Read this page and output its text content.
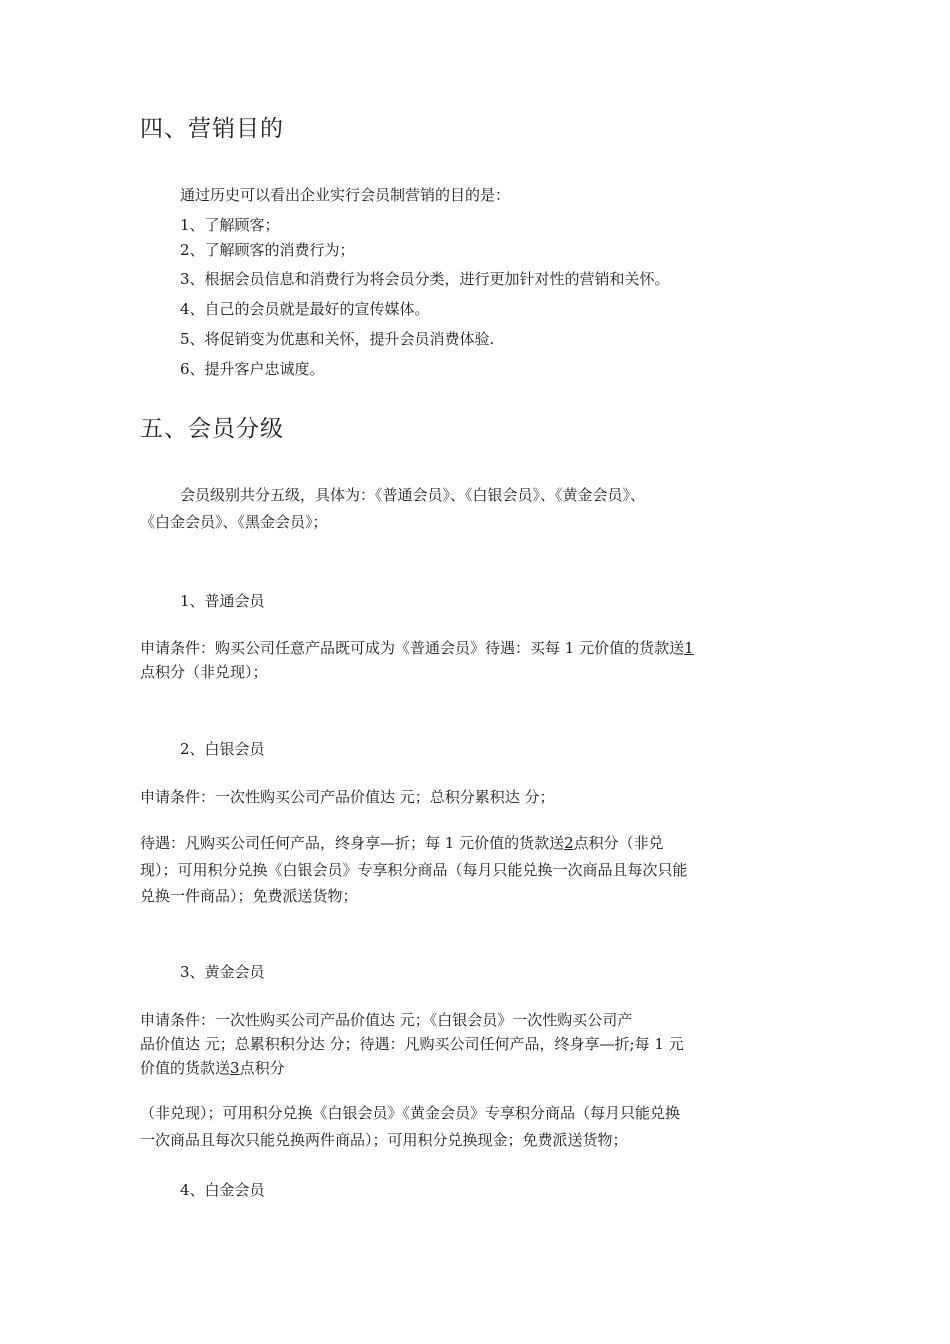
四、营销目的
通过历史可以看出企业实行会员制营销的目的是：
1、了解顾客；
2、了解顾客的消费行为；
3、根据会员信息和消费行为将会员分类，进行更加针对性的营销和关怀。
4、自己的会员就是最好的宣传媒体。
5、将促销变为优惠和关怀，提升会员消费体验.
6、提升客户忠诚度。
五、会员分级
会员级别共分五级，具体为：《普通会员》、《白银会员》、《黄金会员》、
《白金会员》、《黑金会员》；
1、普通会员
申请条件：购买公司任意产品既可成为《普通会员》待遇：买每 1 元价值的货款送1
点积分（非兑现）；
2、白银会员
申请条件：一次性购买公司产品价值达 元；总积分累积达 分；
待遇：凡购买公司任何产品，终身享—折；每 1 元价值的货款送2点积分（非兑
现）；可用积分兑换《白银会员》专享积分商品（每月只能兑换一次商品且每次只能
兑换一件商品）；免费派送货物；
3、黄金会员
申请条件：一次性购买公司产品价值达 元；《白银会员》一次性购买公司产
品价值达 元；总累积积分达 分；待遇：凡购买公司任何产品，终身享—折;每 1 元
价值的货款送3点积分
（非兑现）；可用积分兑换《白银会员》《黄金会员》专享积分商品（每月只能兑换
一次商品且每次只能兑换两件商品）；可用积分兑换现金；免费派送货物；
4、白金会员
